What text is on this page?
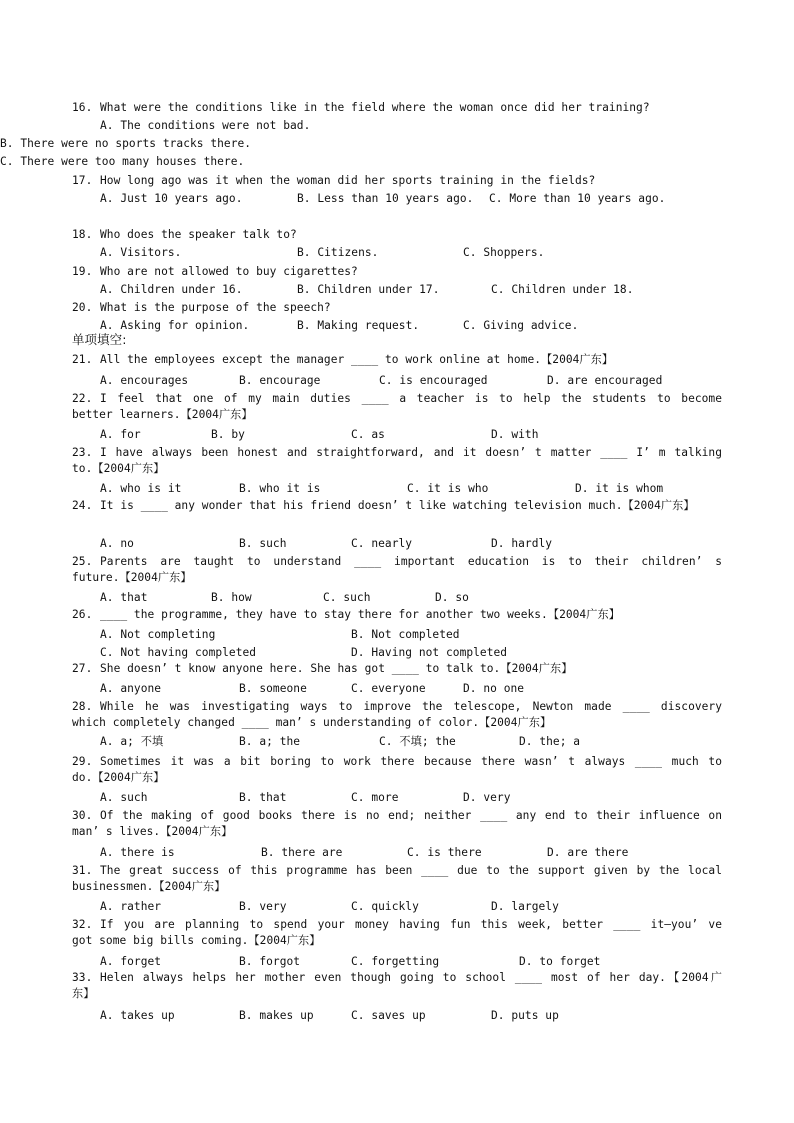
16. What were the conditions like in the field where the woman once did her training?
A. The conditions were not bad.
B. There were no sports tracks there.
C. There were too many houses there.
17. How long ago was it when the woman did her sports training in the fields?
A. Just 10 years ago.	B. Less than 10 years ago. C. More than 10 years ago.
18. Who does the speaker talk to?
A. Visitors.	B. Citizens.	C. Shoppers.
19. Who are not allowed to buy cigarettes?
A. Children under 16.	B. Children under 17.	C. Children under 18.
20. What is the purpose of the speech?
A. Asking for opinion.	B. Making request.	C. Giving advice.
单项填空:
21. All the employees except the manager ____ to work online at home.【2004广东】
A. encourages	B. encourage	C. is encouraged	D. are encouraged
22. I feel that one of my main duties ____ a teacher is to help the students to become
better learners.【2004广东】
A. for	B. by	C. as	D. with
23. I have always been honest and straightforward, and it doesn’ t matter ____ I’ m talking
to.【2004广东】
A. who is it	B. who it is	C. it is who	D. it is whom
24. It is ____ any wonder that his friend doesn’ t like watching television much.【2004广东】
A. no	B. such	C. nearly	D. hardly
25. Parents are taught to understand ____ important education is to their children’ s
future.【2004广东】
A. that	B. how	C. such	D. so
26. ____ the programme, they have to stay there for another two weeks.【2004广东】
A. Not completing	B. Not completed
C. Not having completed	D. Having not completed
27. She doesn’ t know anyone here. She has got ____ to talk to.【2004广东】
A. anyone	B. someone	C. everyone	D. no one
28. While he was investigating ways to improve the telescope, Newton made ____ discovery
which completely changed ____ man’ s understanding of color.【2004广东】
A. a; 不填	B. a; the	C. 不填; the	D. the; a
29. Sometimes it was a bit boring to work there because there wasn’ t always ____ much to
do.【2004广东】
A. such	B. that	C. more	D. very
30. Of the making of good books there is no end; neither ____ any end to their influence on
man’ s lives.【2004广东】
A. there is	B. there are	C. is there	D. are there
31. The great success of this programme has been ____ due to the support given by the local
businessmen.【2004广东】
A. rather	B. very	C. quickly	D. largely
32. If you are planning to spend your money having fun this week, better ____ it—you’ ve
got some big bills coming.【2004广东】
A. forget	B. forgot	C. forgetting	D. to forget
33. Helen always helps her mother even though going to school ____ most of her day.【2004广
东】
A. takes up	B. makes up	C. saves up	D. puts up
